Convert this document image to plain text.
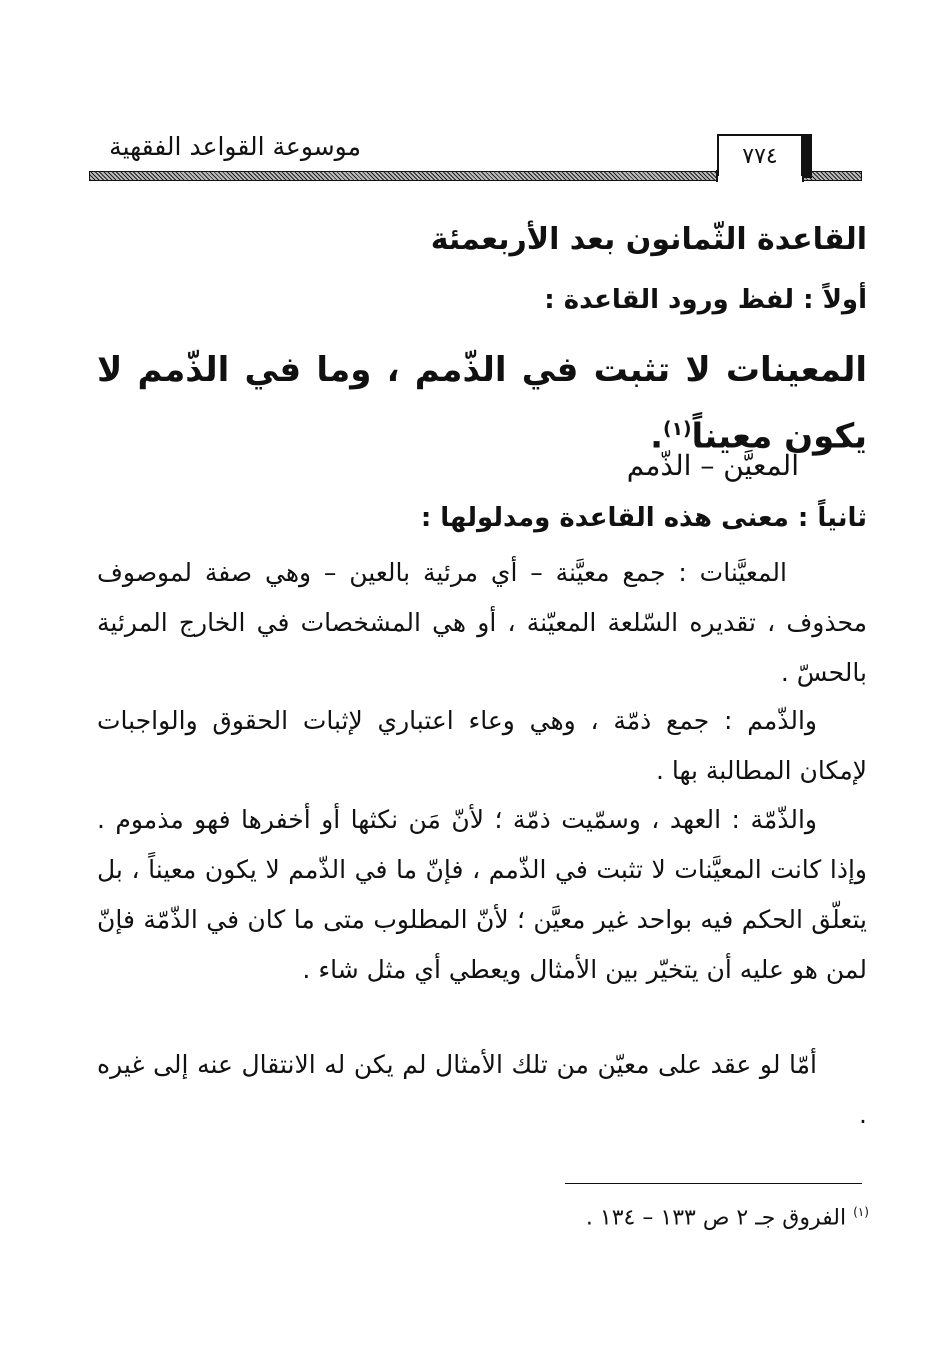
موسوعة القواعد الفقهية	٧٧٤
القاعدة الثّمانون بعد الأربعمئة
أولاً : لفظ ورود القاعدة :
المعينات لا تثبت في الذّمم ، وما في الذّمم لا يكون معيناً$^{(١)}$.
المعيَّن – الذّمم
ثانياً : معنى هذه القاعدة ومدلولها :
المعيَّنات : جمع معيَّنة – أي مرئية بالعين – وهي صفة لموصوف محذوف ، تقديره السّلعة المعيّنة ، أو هي المشخصات في الخارج المرئية بالحسّ .
والذّمم : جمع ذمّة ، وهي وعاء اعتباري لإثبات الحقوق والواجبات لإمكان المطالبة بها .
والذّمّة : العهد ، وسمّيت ذمّة ؛ لأنّ مَن نكثها أو أخفرها فهو مذموم . وإذا كانت المعيَّنات لا تثبت في الذّمم ، فإنّ ما في الذّمم لا يكون معيناً ، بل يتعلّق الحكم فيه بواحد غير معيَّن ؛ لأنّ المطلوب متى ما كان في الذّمّة فإنّ لمن هو عليه أن يتخيّر بين الأمثال ويعطي أي مثل شاء .
أمّا لو عقد على معيّن من تلك الأمثال لم يكن له الانتقال عنه إلى غيره .
$^{(١)}$ الفروق جـ ٢ ص ١٣٣ – ١٣٤ .
